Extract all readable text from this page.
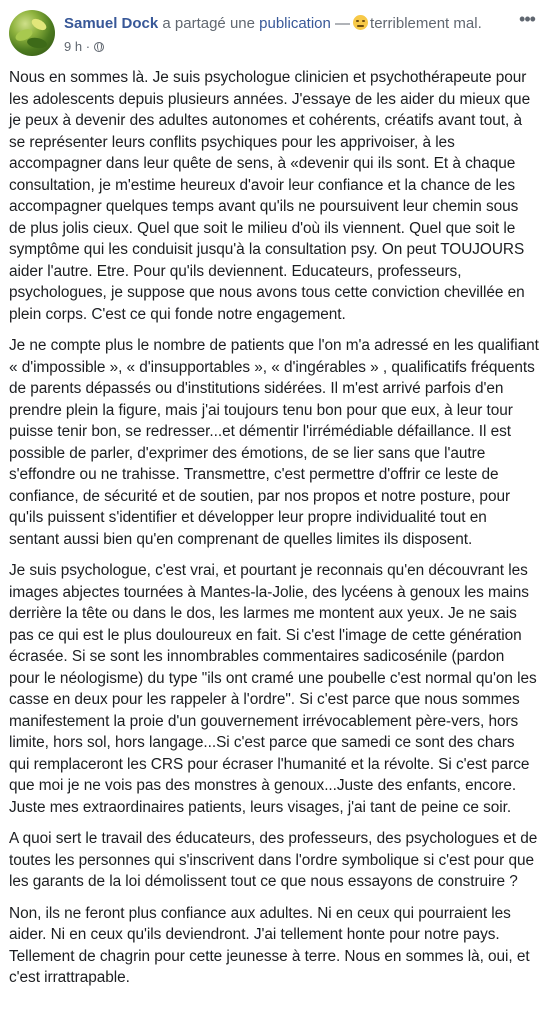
Samuel Dock a partagé une publication — terriblement mal.
9 h ·
•••

Nous en sommes là. Je suis psychologue clinicien et psychothérapeute pour les adolescents depuis plusieurs années. J'essaye de les aider du mieux que je peux à devenir des adultes autonomes et cohérents, créatifs avant tout, à se représenter leurs conflits psychiques pour les apprivoiser, à les accompagner dans leur quête de sens, à «devenir qui ils sont. Et à chaque consultation, je m'estime heureux d'avoir leur confiance et la chance de les accompagner quelques temps avant qu'ils ne poursuivent leur chemin sous de plus jolis cieux. Quel que soit le milieu d'où ils viennent. Quel que soit le symptôme qui les conduisit jusqu'à la consultation psy. On peut TOUJOURS aider l'autre. Etre. Pour qu'ils deviennent. Educateurs, professeurs, psychologues, je suppose que nous avons tous cette conviction chevillée en plein corps. C'est ce qui fonde notre engagement.

Je ne compte plus le nombre de patients que l'on m'a adressé en les qualifiant « d'impossible », « d'insupportables », « d'ingérables » , qualificatifs fréquents de parents dépassés ou d'institutions sidérées. Il m'est arrivé parfois d'en prendre plein la figure, mais j'ai toujours tenu bon pour que eux, à leur tour puisse tenir bon, se redresser...et démentir l'irrémédiable défaillance. Il est possible de parler, d'exprimer des émotions, de se lier sans que l'autre s'effondre ou ne trahisse. Transmettre, c'est permettre d'offrir ce leste de confiance, de sécurité et de soutien, par nos propos et notre posture, pour qu'ils puissent s'identifier et développer leur propre individualité tout en sentant aussi bien qu'en comprenant de quelles limites ils disposent.

Je suis psychologue, c'est vrai, et pourtant je reconnais qu'en découvrant les images abjectes tournées à Mantes-la-Jolie, des lycéens à genoux les mains derrière la tête ou dans le dos, les larmes me montent aux yeux. Je ne sais pas ce qui est le plus douloureux en fait. Si c'est l'image de cette génération écrasée. Si se sont les innombrables commentaires sadicosénile (pardon pour le néologisme) du type "ils ont cramé une poubelle c'est normal qu'on les casse en deux pour les rappeler à l'ordre". Si c'est parce que nous sommes manifestement la proie d'un gouvernement irrévocablement père-vers, hors limite, hors sol, hors langage...Si c'est parce que samedi ce sont des chars qui remplaceront les CRS pour écraser l'humanité et la révolte. Si c'est parce que moi je ne vois pas des monstres à genoux...Juste des enfants, encore. Juste mes extraordinaires patients, leurs visages, j'ai tant de peine ce soir.

A quoi sert le travail des éducateurs, des professeurs, des psychologues et de toutes les personnes qui s'inscrivent dans l'ordre symbolique si c'est pour que les garants de la loi démolissent tout ce que nous essayons de construire ?

Non, ils ne feront plus confiance aux adultes. Ni en ceux qui pourraient les aider. Ni en ceux qu'ils deviendront. J'ai tellement honte pour notre pays. Tellement de chagrin pour cette jeunesse à terre. Nous en sommes là, oui, et c'est irrattrapable.
